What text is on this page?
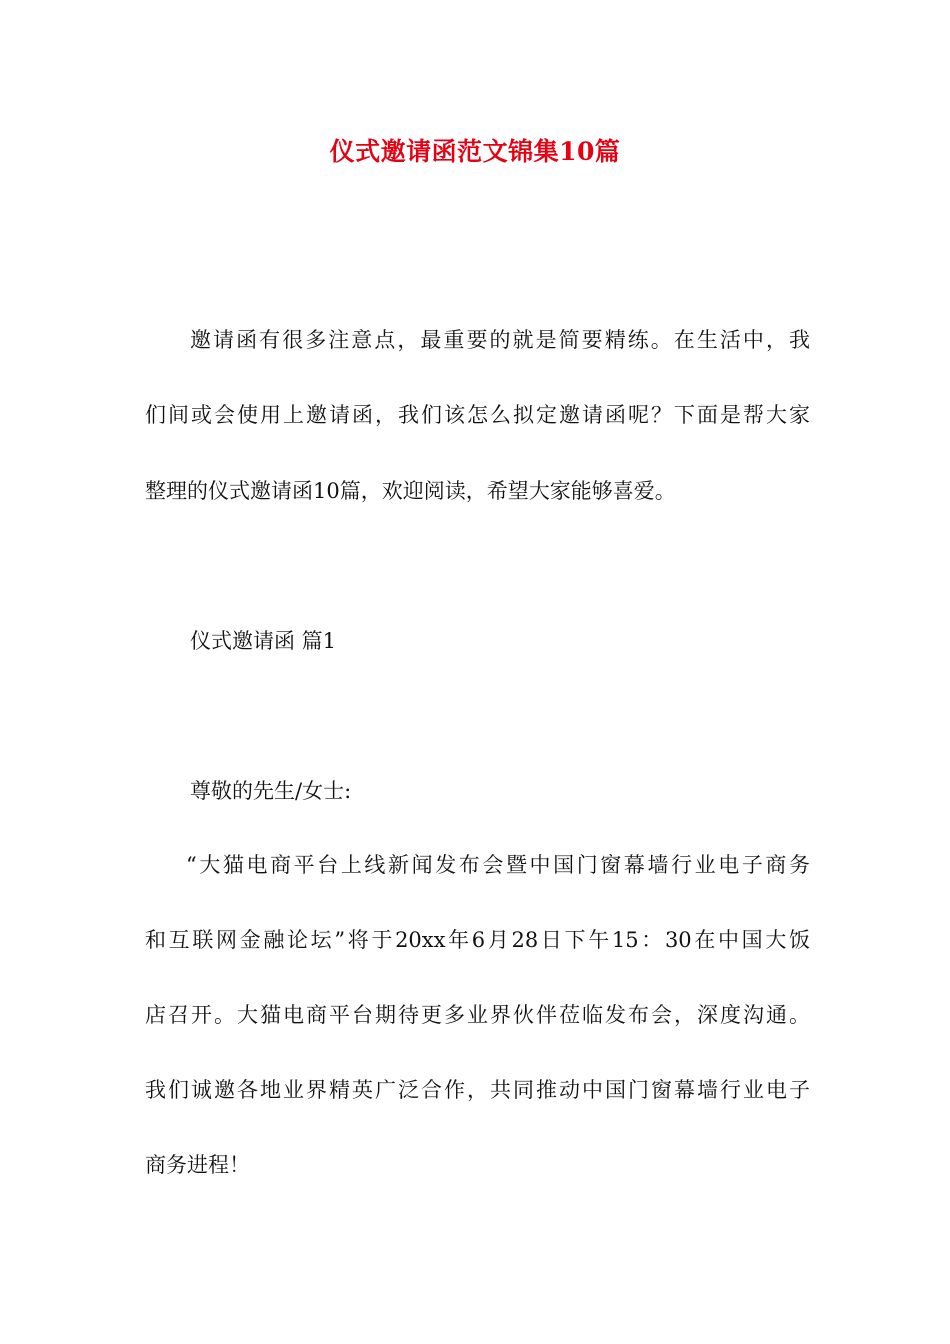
仪式邀请函范文锦集10篇
邀请函有很多注意点，最重要的就是简要精练。在生活中，我
们间或会使用上邀请函，我们该怎么拟定邀请函呢？下面是帮大家
整理的仪式邀请函10篇，欢迎阅读，希望大家能够喜爱。
仪式邀请函 篇1
尊敬的先生/女士:
“大猫电商平台上线新闻发布会暨中国门窗幕墙行业电子商务
和互联网金融论坛”将于20xx年6月28日下午15：30在中国大饭
店召开。大猫电商平台期待更多业界伙伴莅临发布会，深度沟通。
我们诚邀各地业界精英广泛合作，共同推动中国门窗幕墙行业电子
商务进程！
